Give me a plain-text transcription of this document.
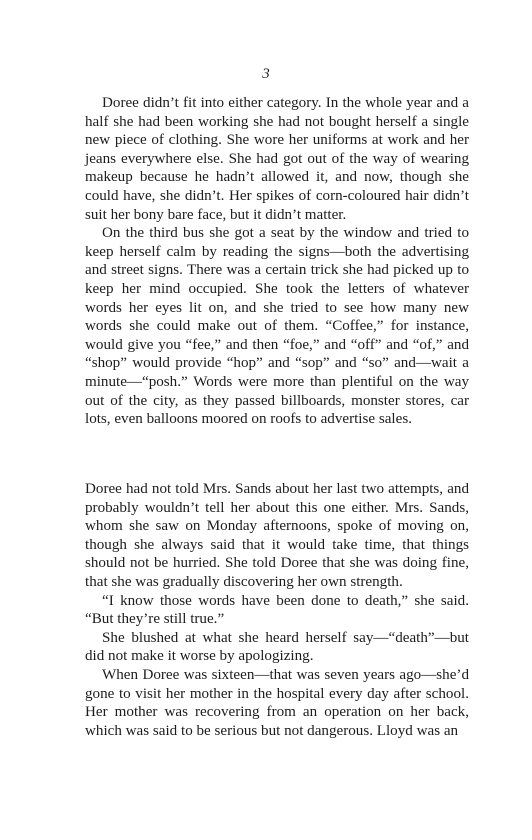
3

Doree didn’t fit into either category. In the whole year and a half she had been working she had not bought herself a single new piece of clothing. She wore her uniforms at work and her jeans everywhere else. She had got out of the way of wearing makeup because he hadn’t allowed it, and now, though she could have, she didn’t. Her spikes of corn-coloured hair didn’t suit her bony bare face, but it didn’t matter.

On the third bus she got a seat by the window and tried to keep herself calm by reading the signs—both the advertising and street signs. There was a certain trick she had picked up to keep her mind occupied. She took the letters of whatever words her eyes lit on, and she tried to see how many new words she could make out of them. “Coffee,” for instance, would give you “fee,” and then “foe,” and “off” and “of,” and “shop” would provide “hop” and “sop” and “so” and—wait a minute—“posh.” Words were more than plentiful on the way out of the city, as they passed billboards, monster stores, car lots, even balloons moored on roofs to advertise sales.

Doree had not told Mrs. Sands about her last two attempts, and probably wouldn’t tell her about this one either. Mrs. Sands, whom she saw on Monday afternoons, spoke of moving on, though she always said that it would take time, that things should not be hurried. She told Doree that she was doing fine, that she was gradually discovering her own strength.

“I know those words have been done to death,” she said. “But they’re still true.”

She blushed at what she heard herself say—“death”—but did not make it worse by apologizing.

When Doree was sixteen—that was seven years ago—she’d gone to visit her mother in the hospital every day after school. Her mother was recovering from an operation on her back, which was said to be serious but not dangerous. Lloyd was an
